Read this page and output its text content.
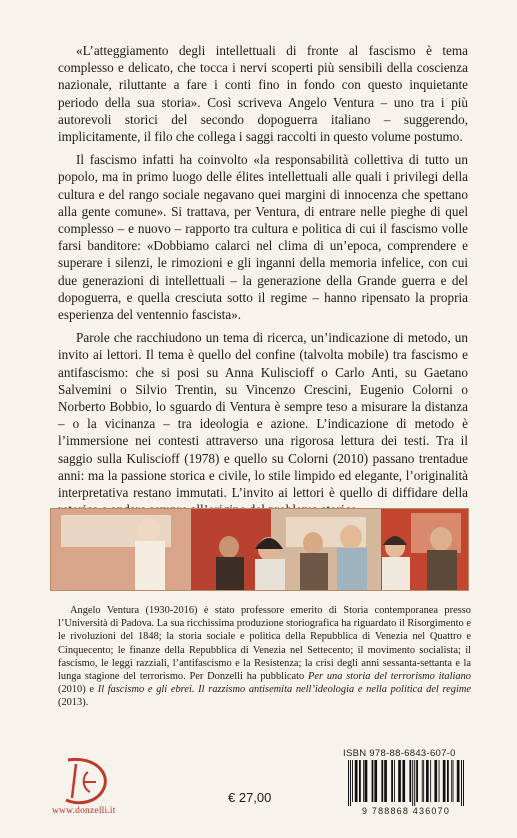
«L’atteggiamento degli intellettuali di fronte al fascismo è tema complesso e delicato, che tocca i nervi scoperti più sensibili della coscienza nazionale, riluttante a fare i conti fino in fondo con questo inquietante periodo della sua storia». Così scriveva Angelo Ventura – uno tra i più autorevoli storici del secondo dopoguerra italiano – suggerendo, implicitamente, il filo che collega i saggi raccolti in questo volume postumo.

Il fascismo infatti ha coinvolto «la responsabilità collettiva di tutto un popolo, ma in primo luogo delle élites intellettuali alle quali i privilegi della cultura e del rango sociale negavano quei margini di innocenza che spettano alla gente comune». Si trattava, per Ventura, di entrare nelle pieghe di quel complesso – e nuovo – rapporto tra cultura e politica di cui il fascismo volle farsi banditore: «Dobbiamo calarci nel clima di un’epoca, comprendere e superare i silenzi, le rimozioni e gli inganni della memoria infelice, con cui due generazioni di intellettuali – la generazione della Grande guerra e del dopoguerra, e quella cresciuta sotto il regime – hanno ripensato la propria esperienza del ventennio fascista».

Parole che racchiudono un tema di ricerca, un’indicazione di metodo, un invito ai lettori. Il tema è quello del confine (talvolta mobile) tra fascismo e antifascismo: che si posi su Anna Kuliscioff o Carlo Anti, su Gaetano Salvemini o Silvio Trentin, su Vincenzo Crescini, Eugenio Colorni o Norberto Bobbio, lo sguardo di Ventura è sempre teso a misurare la distanza – o la vicinanza – tra ideologia e azione. L’indicazione di metodo è l’immersione nei contesti attraverso una rigorosa lettura dei testi. Tra il saggio sulla Kuliscioff (1978) e quello su Colorni (2010) passano trentadue anni: ma la passione storica e civile, lo stile limpido ed elegante, l’originalità interpretativa restano immutati. L’invito ai lettori è quello di diffidare della

Angelo Ventura (1930-2016) è stato professore emerito di Storia contemporanea presso l’Università di Padova. La sua ricchissima produzione storiografica ha riguardato il Risorgimento e le rivoluzioni del 1848; la storia sociale e politica della Repubblica di Venezia nel Quattro e Cinquecento; le finanze della Repubblica di Venezia nel Settecento; il movimento socialista; il fascismo, le leggi razziali, l’antifascismo e la Resistenza; la crisi degli anni sessanta-settanta e la lunga stagione del terrorismo. Per Donzelli ha pubblicato Per una storia del terrorismo italiano (2010) e Il fascismo e gli ebrei. Il razzismo antisemita nell’ideologia e nella politica del regime (2013).

www.donzelli.it
€ 27,00
ISBN 978-88-6843-607-0
9 788868 436070
